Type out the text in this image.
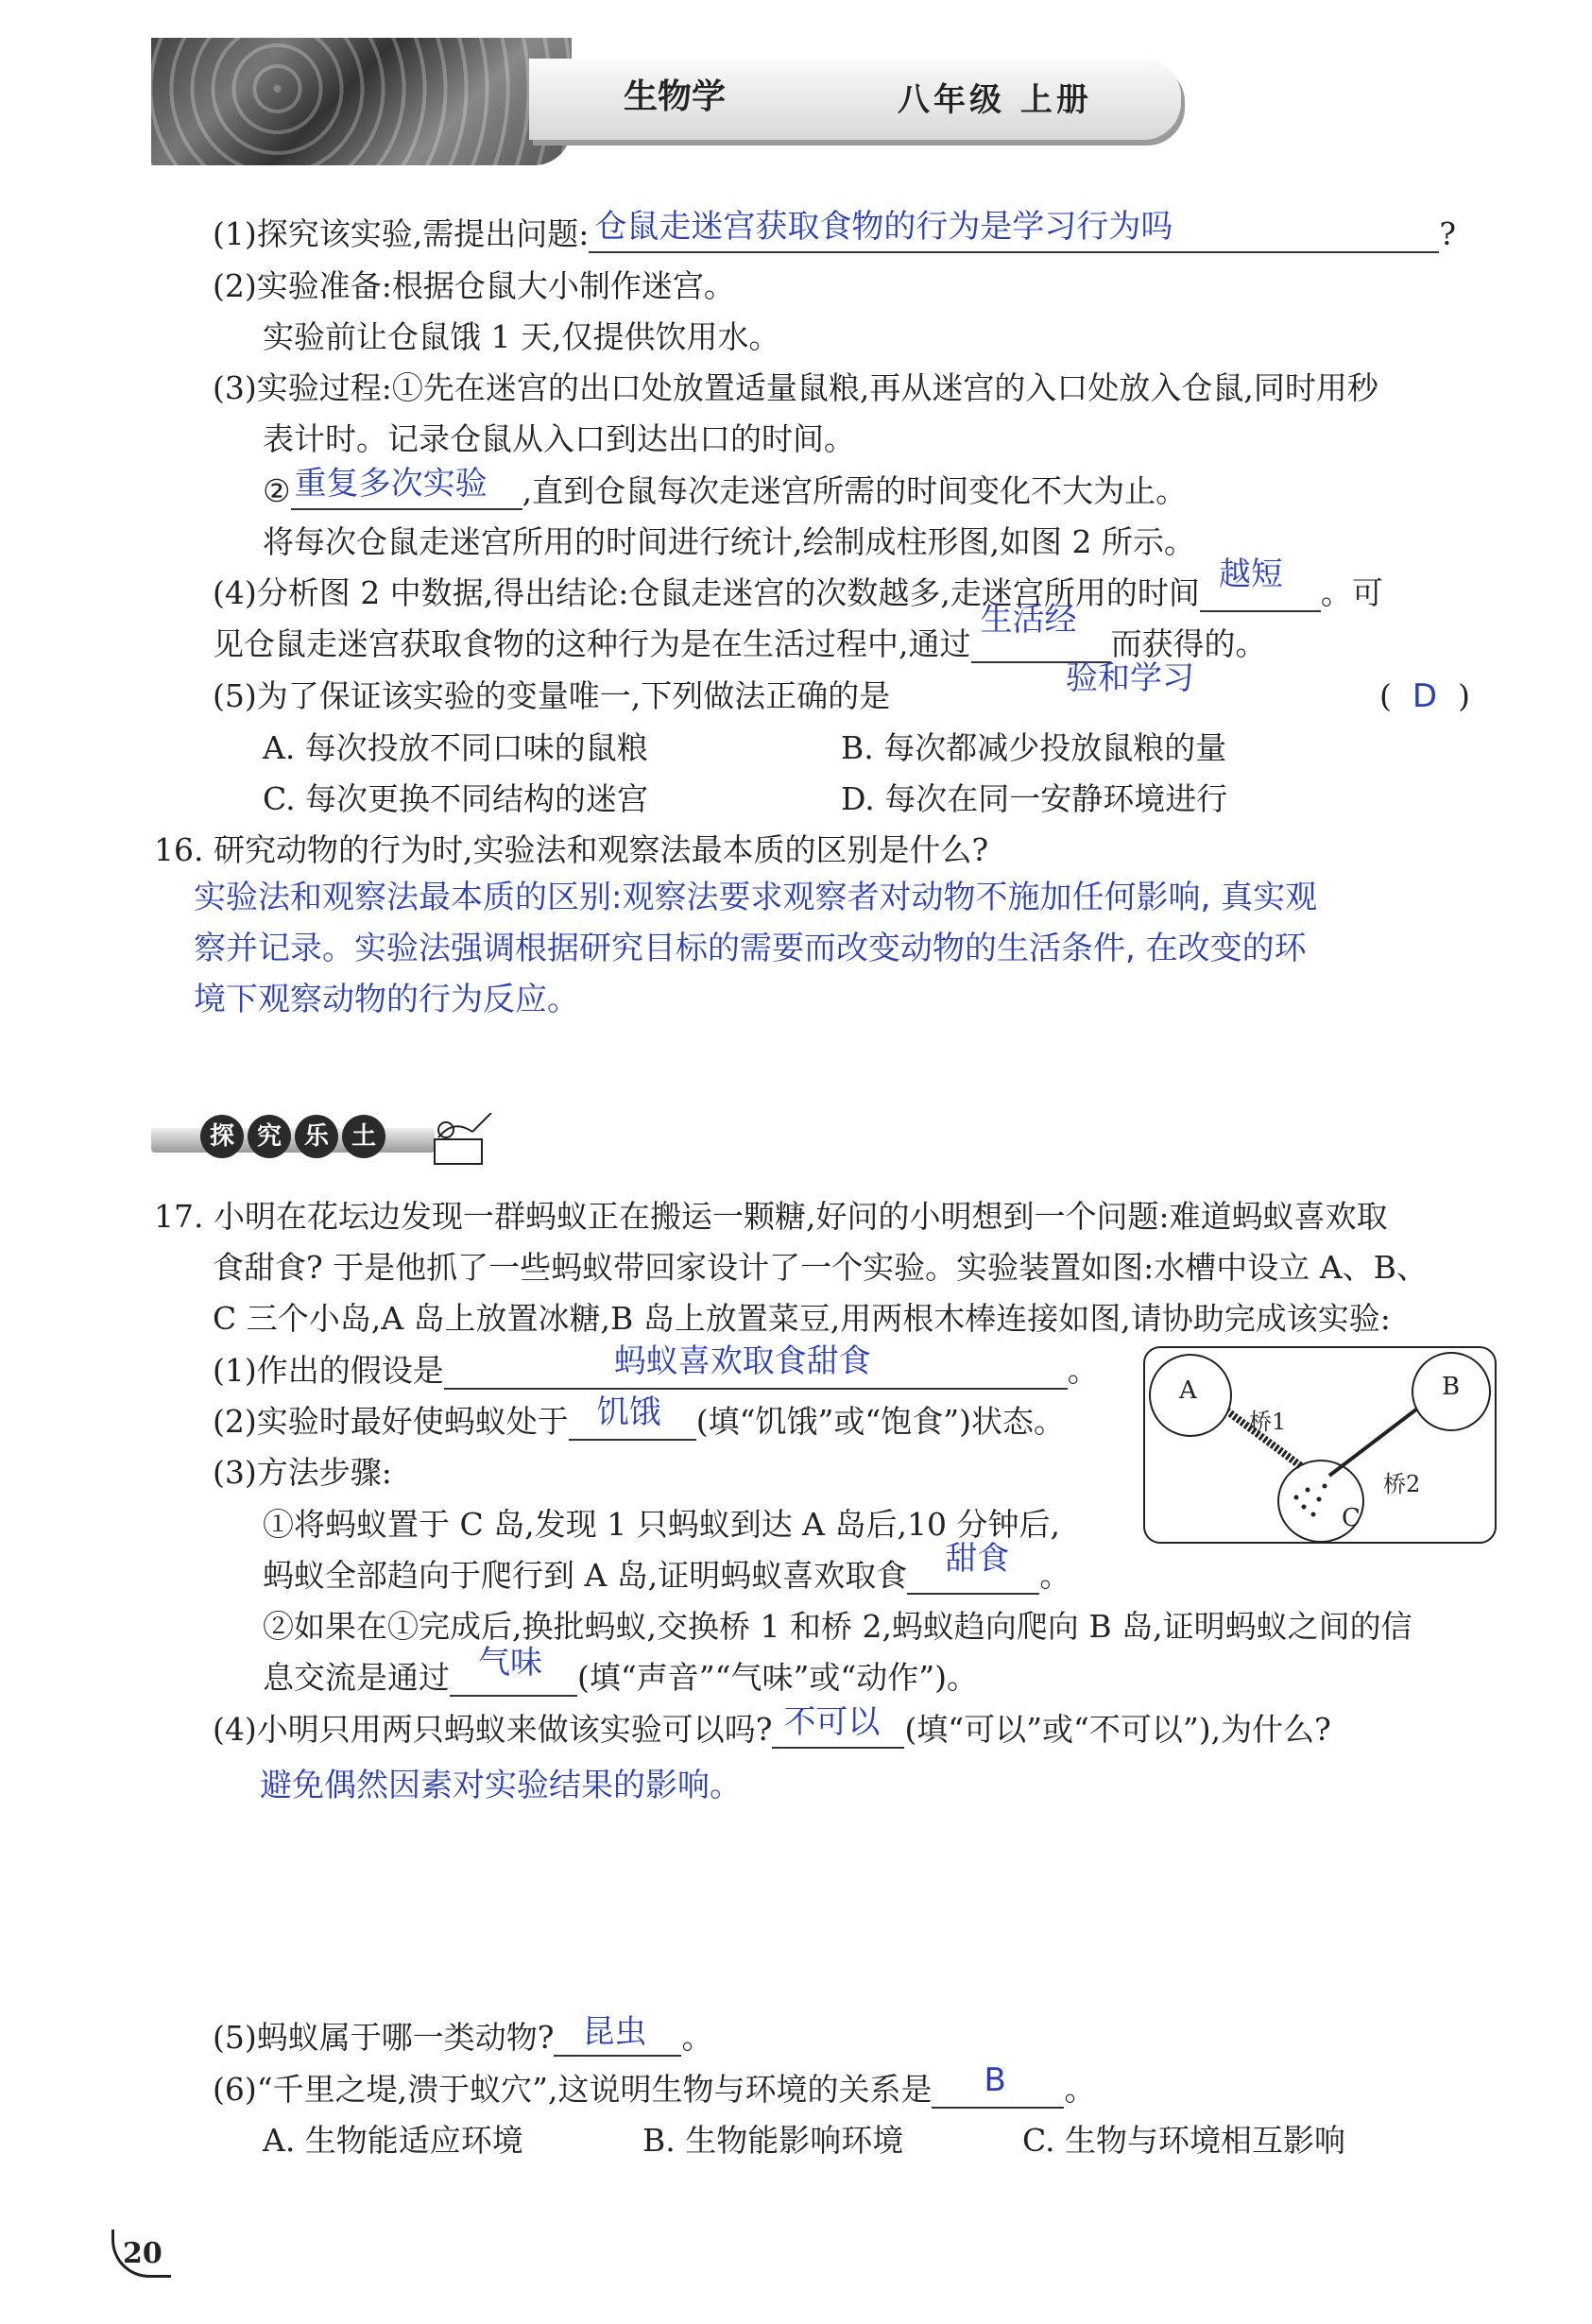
生物学	八年级 上册
(1)探究该实验,需提出问题: 仓鼠走迷宫获取食物的行为是学习行为吗	?
(2)实验准备:根据仓鼠大小制作迷宫。
实验前让仓鼠饿 1 天,仅提供饮用水。
(3)实验过程:①先在迷宫的出口处放置适量鼠粮,再从迷宫的入口处放入仓鼠,同时用秒
表计时。记录仓鼠从入口到达出口的时间。
② 重复多次实验 ,直到仓鼠每次走迷宫所需的时间变化不大为止。
将每次仓鼠走迷宫所用的时间进行统计,绘制成柱形图,如图 2 所示。
(4)分析图 2 中数据,得出结论:仓鼠走迷宫的次数越多,走迷宫所用的时间 越短 。可
见仓鼠走迷宫获取食物的这种行为是在生活过程中,通过
生活经
而获得的。
验和学习
(5)为了保证该实验的变量唯一,下列做法正确的是	( D )
A. 每次投放不同口味的鼠粮	B. 每次都减少投放鼠粮的量
C. 每次更换不同结构的迷宫	D. 每次在同一安静环境进行
16. 研究动物的行为时,实验法和观察法最本质的区别是什么?
实验法和观察法最本质的区别:观察法要求观察者对动物不施加任何影响, 真实观
察并记录。实验法强调根据研究目标的需要而改变动物的生活条件, 在改变的环
境下观察动物的行为反应。
探 究 乐 土
17. 小明在花坛边发现一群蚂蚁正在搬运一颗糖,好问的小明想到一个问题:难道蚂蚁喜欢取
食甜食? 于是他抓了一些蚂蚁带回家设计了一个实验。实验装置如图:水槽中设立 A、B、
C 三个小岛,A 岛上放置冰糖,B 岛上放置菜豆,用两根木棒连接如图,请协助完成该实验:
(1)作出的假设是	蚂蚁喜欢取食甜食	。
(2)实验时最好使蚂蚁处于 饥饿 (填“饥饿”或“饱食”)状态。
(3)方法步骤:
①将蚂蚁置于 C 岛,发现 1 只蚂蚁到达 A 岛后,10 分钟后,
蚂蚁全部趋向于爬行到 A 岛,证明蚂蚁喜欢取食 甜食 。
②如果在①完成后,换批蚂蚁,交换桥 1 和桥 2,蚂蚁趋向爬向 B 岛,证明蚂蚁之间的信
息交流是通过 气味 (填“声音”“气味”或“动作”)。
(4)小明只用两只蚂蚁来做该实验可以吗? 不可以 (填“可以”或“不可以”),为什么?
避免偶然因素对实验结果的影响。
(5)蚂蚁属于哪一类动物? 昆虫 。
(6)“千里之堤,溃于蚁穴”,这说明生物与环境的关系是 B 。
A. 生物能适应环境	B. 生物能影响环境	C. 生物与环境相互影响
A	B
C
桥1
桥2
20
